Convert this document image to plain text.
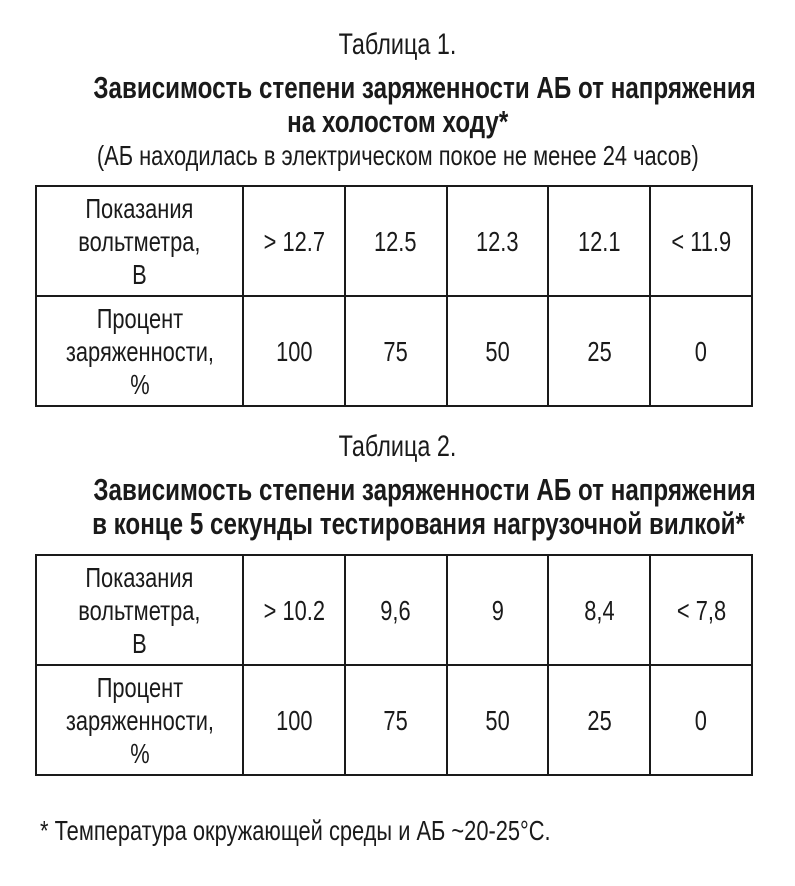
Таблица 1.
Зависимость степени заряженности АБ от напряжения
на холостом ходу*
(АБ находилась в электрическом покое не менее 24 часов)
Показания
вольтметра,
В	> 12.7	12.5	12.3	12.1	< 11.9
Процент
заряженности,
%	100	75	50	25	0
Таблица 2.
Зависимость степени заряженности АБ от напряжения
в конце 5 секунды тестирования нагрузочной вилкой*
Показания
вольтметра,
В	> 10.2	9,6	9	8,4	< 7,8
Процент
заряженности,
%	100	75	50	25	0
* Температура окружающей среды и АБ ~20-25°С.
